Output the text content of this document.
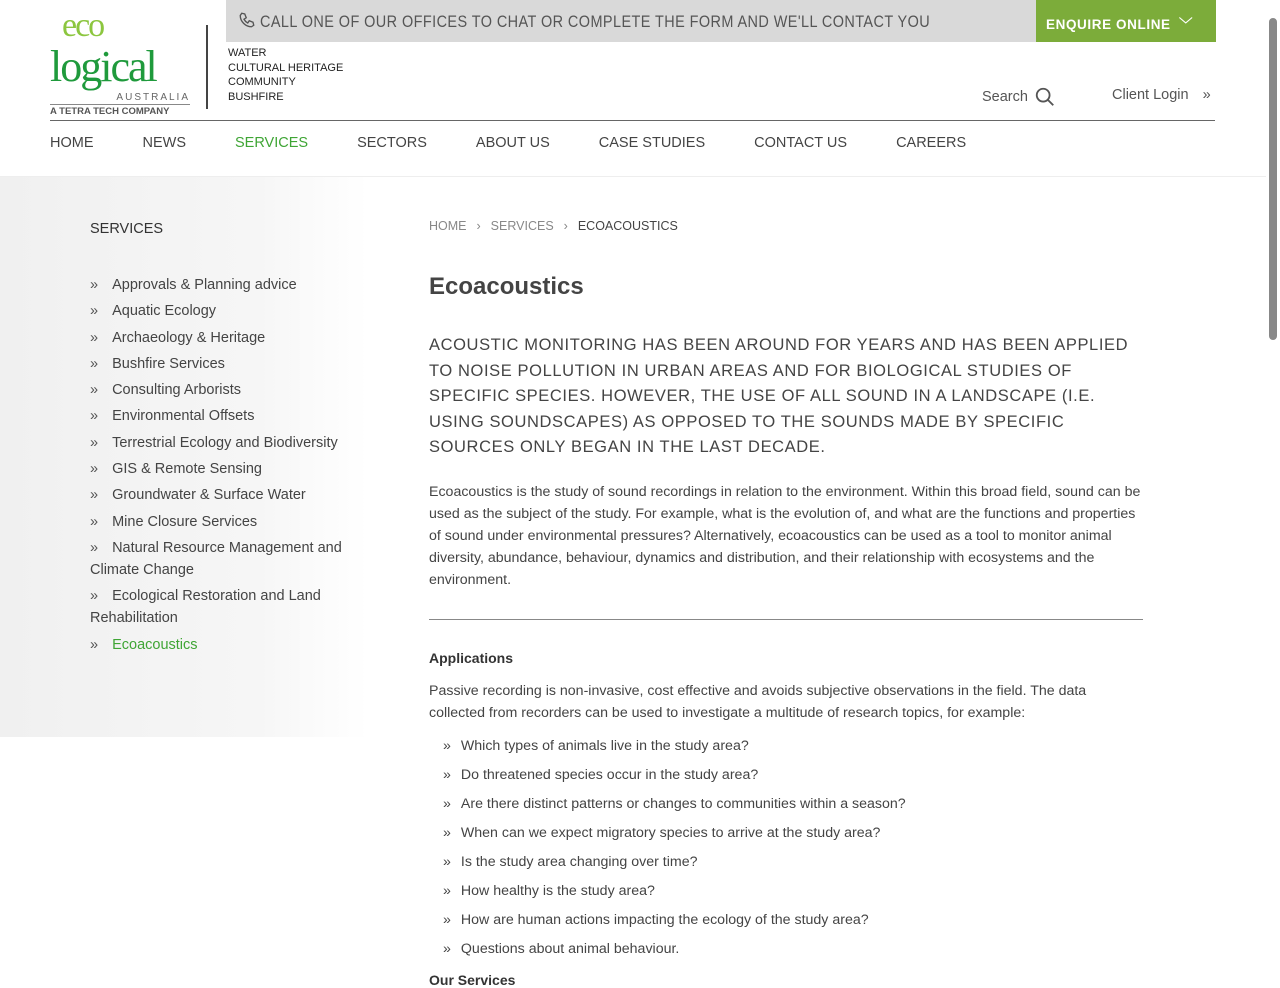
eco
logical
AUSTRALIA
A TETRA TECH COMPANY
WATER
CULTURAL HERITAGE
COMMUNITY
BUSHFIRE
CALL ONE OF OUR OFFICES TO CHAT OR COMPLETE THE FORM AND WE'LL CONTACT YOU	ENQUIRE ONLINE ﹀
Search	Client Login »
HOME	NEWS	SERVICES	SECTORS	ABOUT US	CASE STUDIES	CONTACT US	CAREERS
SERVICES
» Approvals & Planning advice
» Aquatic Ecology
» Archaeology & Heritage
» Bushfire Services
» Consulting Arborists
» Environmental Offsets
» Terrestrial Ecology and Biodiversity
» GIS & Remote Sensing
» Groundwater & Surface Water
» Mine Closure Services
» Natural Resource Management and Climate Change
» Ecological Restoration and Land Rehabilitation
» Ecoacoustics
HOME › SERVICES › ECOACOUSTICS
Ecoacoustics

ACOUSTIC MONITORING HAS BEEN AROUND FOR YEARS AND HAS BEEN APPLIED TO NOISE POLLUTION IN URBAN AREAS AND FOR BIOLOGICAL STUDIES OF SPECIFIC SPECIES. HOWEVER, THE USE OF ALL SOUND IN A LANDSCAPE (I.E. USING SOUNDSCAPES) AS OPPOSED TO THE SOUNDS MADE BY SPECIFIC SOURCES ONLY BEGAN IN THE LAST DECADE.

Ecoacoustics is the study of sound recordings in relation to the environment. Within this broad field, sound can be used as the subject of the study. For example, what is the evolution of, and what are the functions and properties of sound under environmental pressures? Alternatively, ecoacoustics can be used as a tool to monitor animal diversity, abundance, behaviour, dynamics and distribution, and their relationship with ecosystems and the environment.

Applications

Passive recording is non-invasive, cost effective and avoids subjective observations in the field. The data collected from recorders can be used to investigate a multitude of research topics, for example:

» Which types of animals live in the study area?
» Do threatened species occur in the study area?
» Are there distinct patterns or changes to communities within a season?
» When can we expect migratory species to arrive at the study area?
» Is the study area changing over time?
» How healthy is the study area?
» How are human actions impacting the ecology of the study area?
» Questions about animal behaviour.
Our Services
